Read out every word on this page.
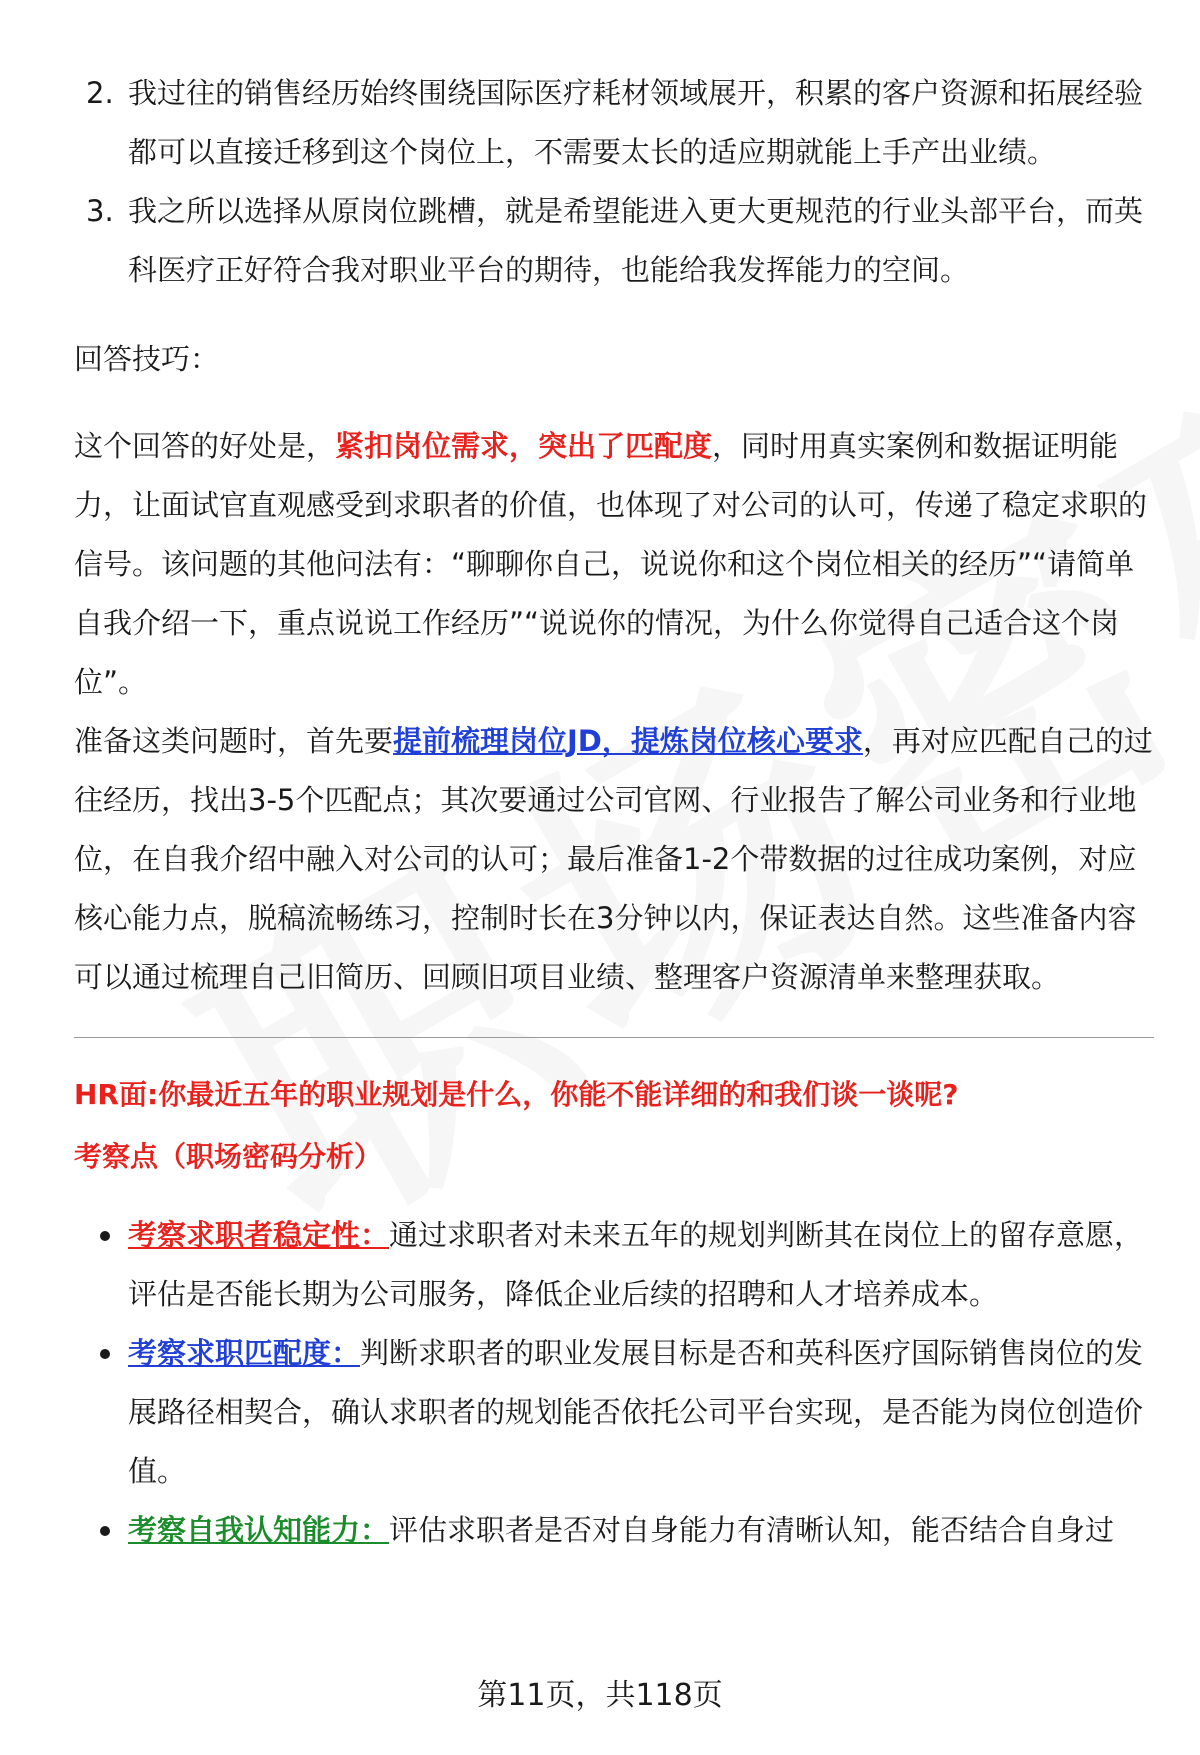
2. 我过往的销售经历始终围绕国际医疗耗材领域展开，积累的客户资源和拓展经验都可以直接迁移到这个岗位上，不需要太长的适应期就能上手产出业绩。
3. 我之所以选择从原岗位跳槽，就是希望能进入更大更规范的行业头部平台，而英科医疗正好符合我对职业平台的期待，也能给我发挥能力的空间。

回答技巧：

这个回答的好处是，紧扣岗位需求，突出了匹配度，同时用真实案例和数据证明能力，让面试官直观感受到求职者的价值，也体现了对公司的认可，传递了稳定求职的信号。该问题的其他问法有：“聊聊你自己，说说你和这个岗位相关的经历”“请简单自我介绍一下，重点说说工作经历”“说说你的情况，为什么你觉得自己适合这个岗位”。

准备这类问题时，首先要提前梳理岗位JD，提炼岗位核心要求，再对应匹配自己的过往经历，找出3-5个匹配点；其次要通过公司官网、行业报告了解公司业务和行业地位，在自我介绍中融入对公司的认可；最后准备1-2个带数据的过往成功案例，对应核心能力点，脱稿流畅练习，控制时长在3分钟以内，保证表达自然。这些准备内容可以通过梳理自己旧简历、回顾旧项目业绩、整理客户资源清单来整理获取。

HR面:你最近五年的职业规划是什么，你能不能详细的和我们谈一谈呢?
考察点（职场密码分析）
考察求职者稳定性：通过求职者对未来五年的规划判断其在岗位上的留存意愿，评估是否能长期为公司服务，降低企业后续的招聘和人才培养成本。
考察求职匹配度：判断求职者的职业发展目标是否和英科医疗国际销售岗位的发展路径相契合，确认求职者的规划能否依托公司平台实现，是否能为岗位创造价值。
考察自我认知能力：评估求职者是否对自身能力有清晰认知，能否结合自身过
第11页，共118页
